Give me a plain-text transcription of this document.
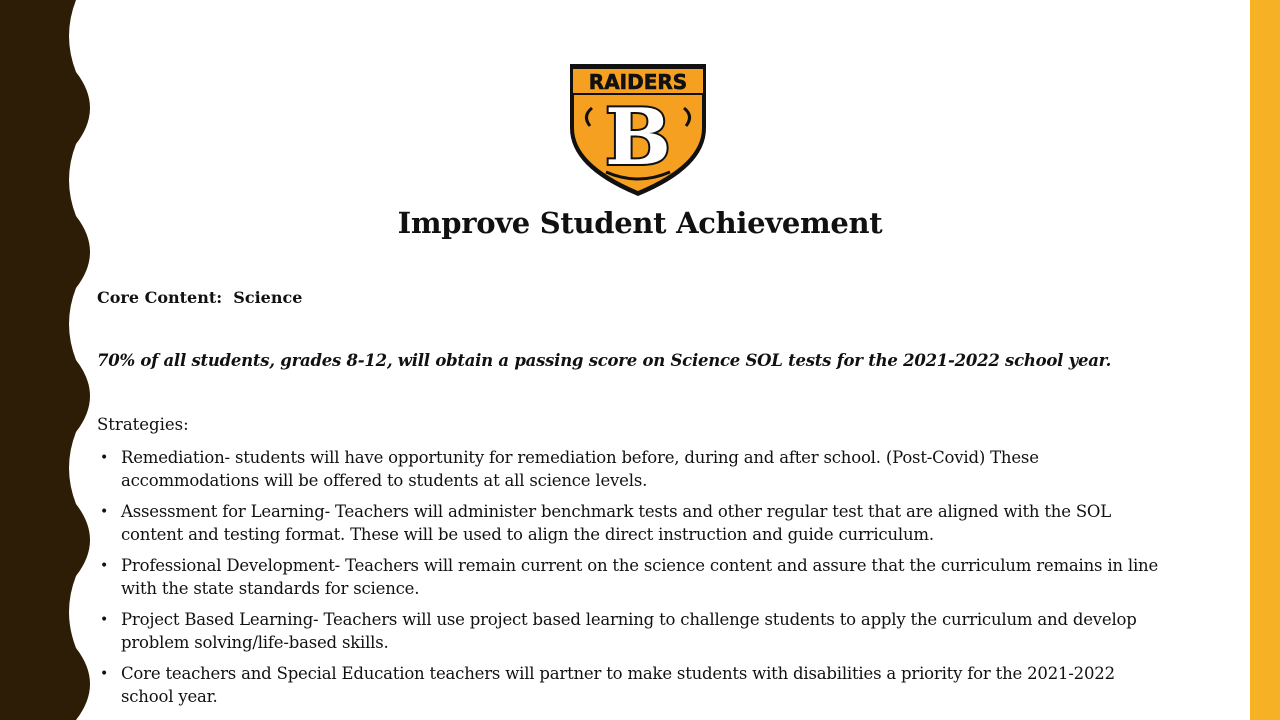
RAIDERS
B
Improve Student Achievement

Core Content:  Science

70% of all students, grades 8-12, will obtain a passing score on Science SOL tests for the 2021-2022 school year.

Strategies:

• Remediation- students will have opportunity for remediation before, during and after school. (Post-Covid) These accommodations will be offered to students at all science levels.
• Assessment for Learning- Teachers will administer benchmark tests and other regular test that are aligned with the SOL content and testing format. These will be used to align the direct instruction and guide curriculum.
• Professional Development- Teachers will remain current on the science content and assure that the curriculum remains in line with the state standards for science.
• Project Based Learning- Teachers will use project based learning to challenge students to apply the curriculum and develop problem solving/life-based skills.
• Core teachers and Special Education teachers will partner to make students with disabilities a priority for the 2021-2022 school year.
